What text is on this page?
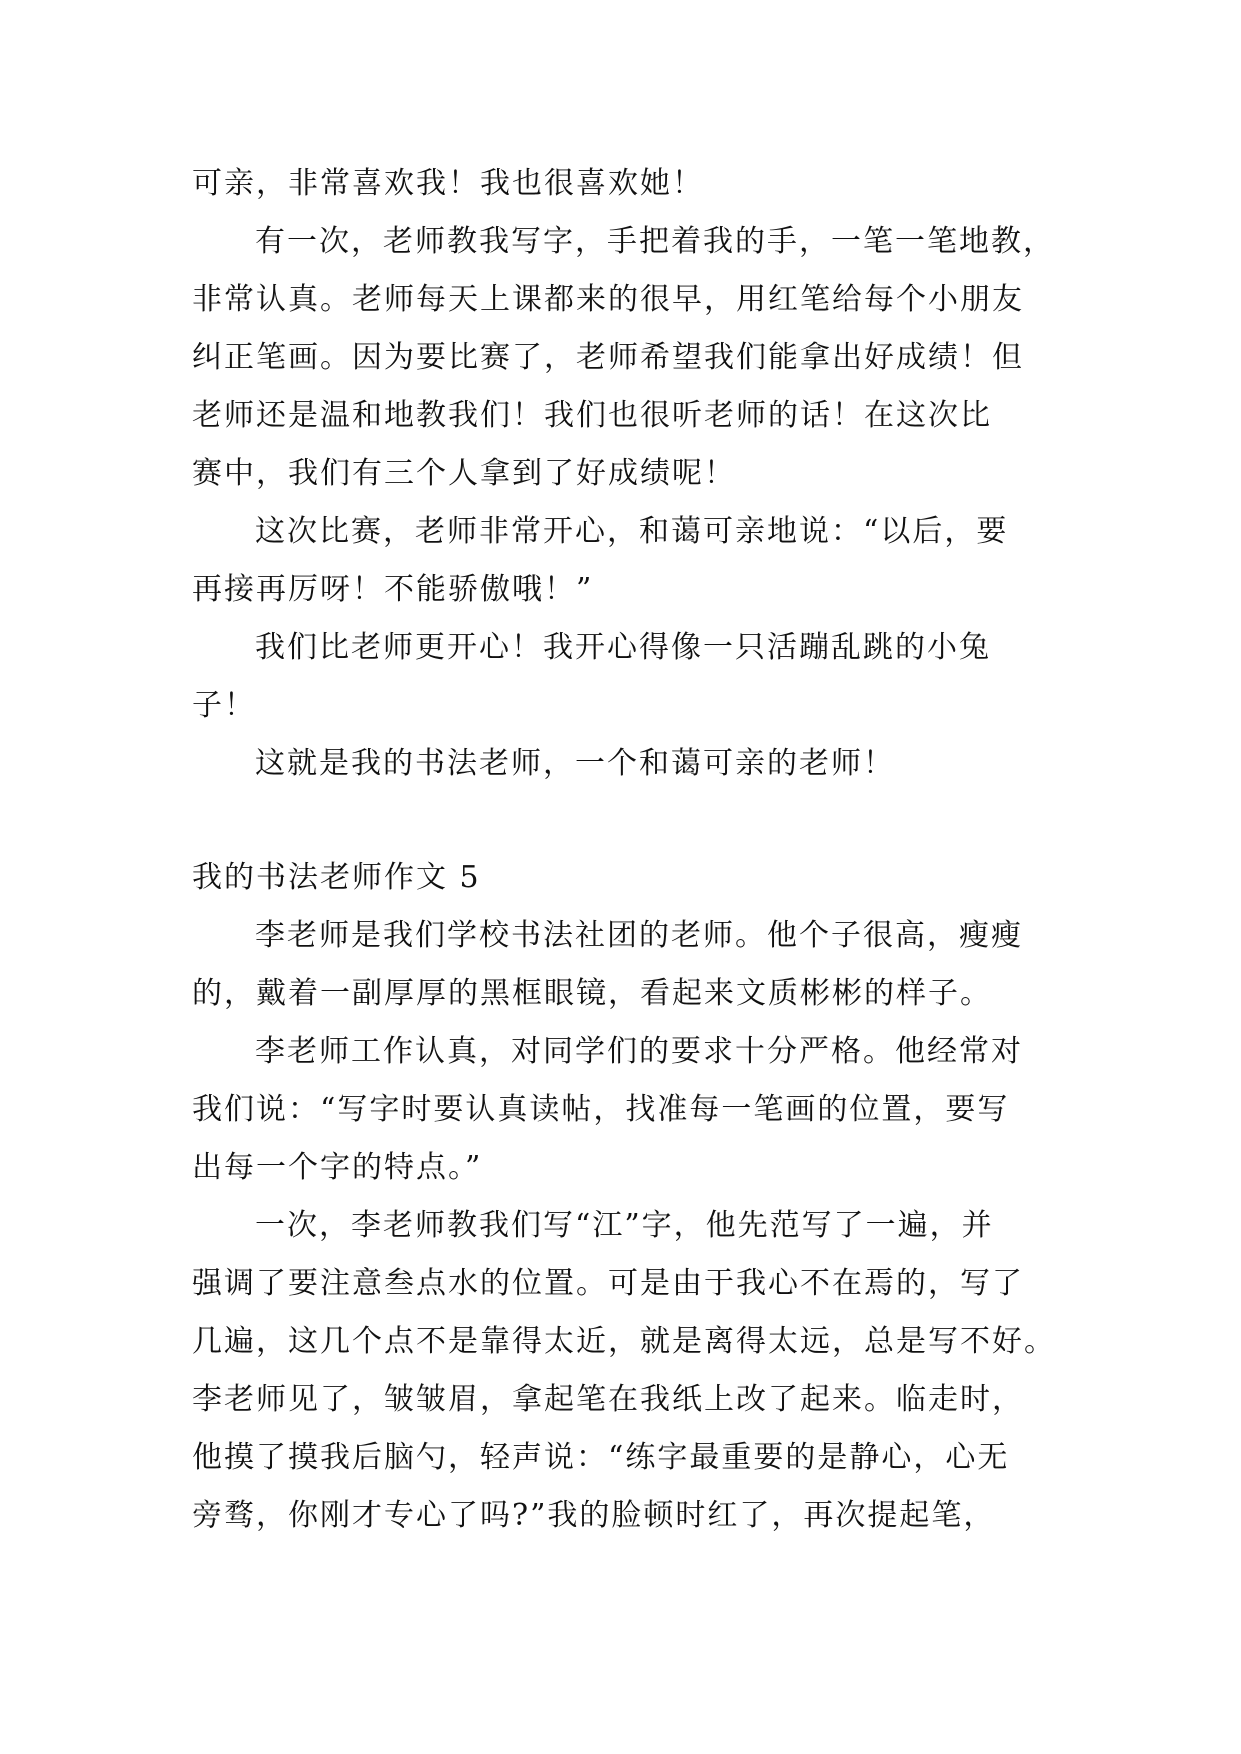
可亲，非常喜欢我！我也很喜欢她！
有一次，老师教我写字，手把着我的手，一笔一笔地教，
非常认真。老师每天上课都来的很早，用红笔给每个小朋友
纠正笔画。因为要比赛了，老师希望我们能拿出好成绩！但
老师还是温和地教我们！我们也很听老师的话！在这次比
赛中，我们有三个人拿到了好成绩呢！
这次比赛，老师非常开心，和蔼可亲地说：“以后，要
再接再厉呀！不能骄傲哦！”
我们比老师更开心！我开心得像一只活蹦乱跳的小兔
子！
这就是我的书法老师，一个和蔼可亲的老师！
我的书法老师作文 5
李老师是我们学校书法社团的老师。他个子很高，瘦瘦
的，戴着一副厚厚的黑框眼镜，看起来文质彬彬的样子。
李老师工作认真，对同学们的要求十分严格。他经常对
我们说：“写字时要认真读帖，找准每一笔画的位置，要写
出每一个字的特点。”
一次，李老师教我们写“江”字，他先范写了一遍，并
强调了要注意叁点水的位置。可是由于我心不在焉的，写了
几遍，这几个点不是靠得太近，就是离得太远，总是写不好。
李老师见了，皱皱眉，拿起笔在我纸上改了起来。临走时，
他摸了摸我后脑勺，轻声说：“练字最重要的是静心，心无
旁骛，你刚才专心了吗?”我的脸顿时红了，再次提起笔，
